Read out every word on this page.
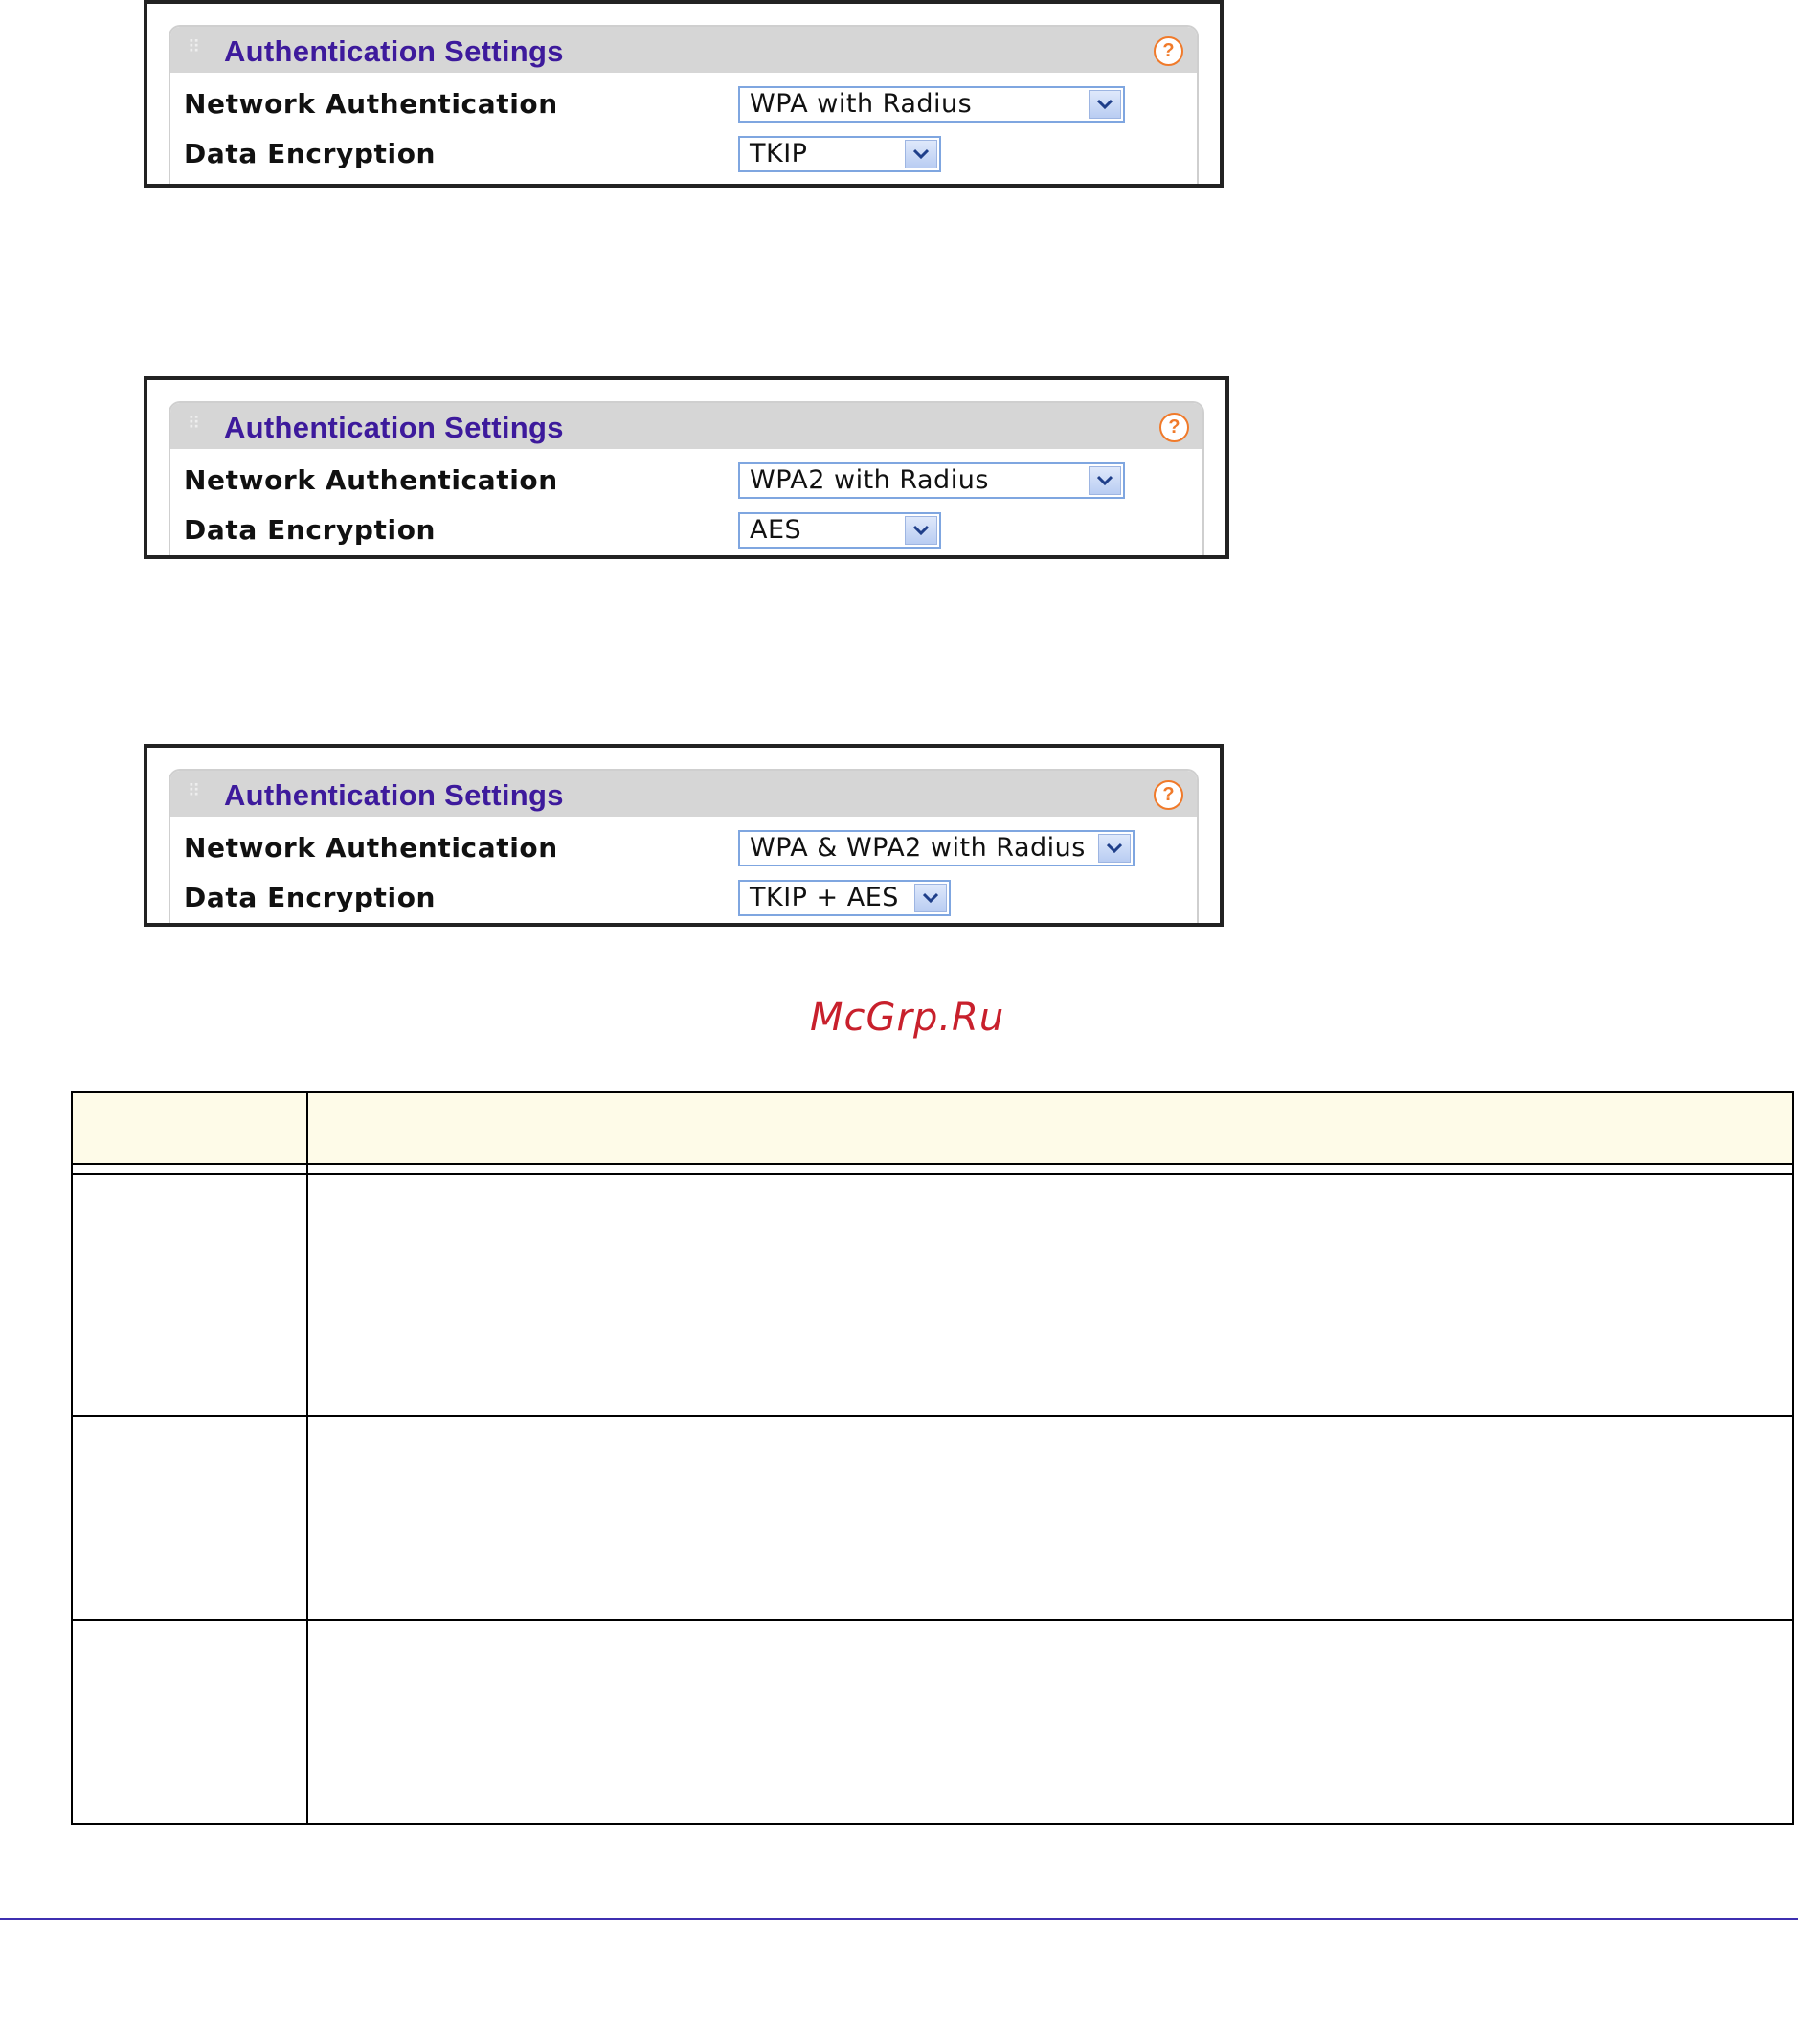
⠿ Authentication Settings	?
Network Authentication	WPA with Radius
Data Encryption	TKIP
⠿ Authentication Settings	?
Network Authentication	WPA2 with Radius
Data Encryption	AES
⠿ Authentication Settings	?
Network Authentication	WPA & WPA2 with Radius
Data Encryption	TKIP + AES
McGrp.Ru
